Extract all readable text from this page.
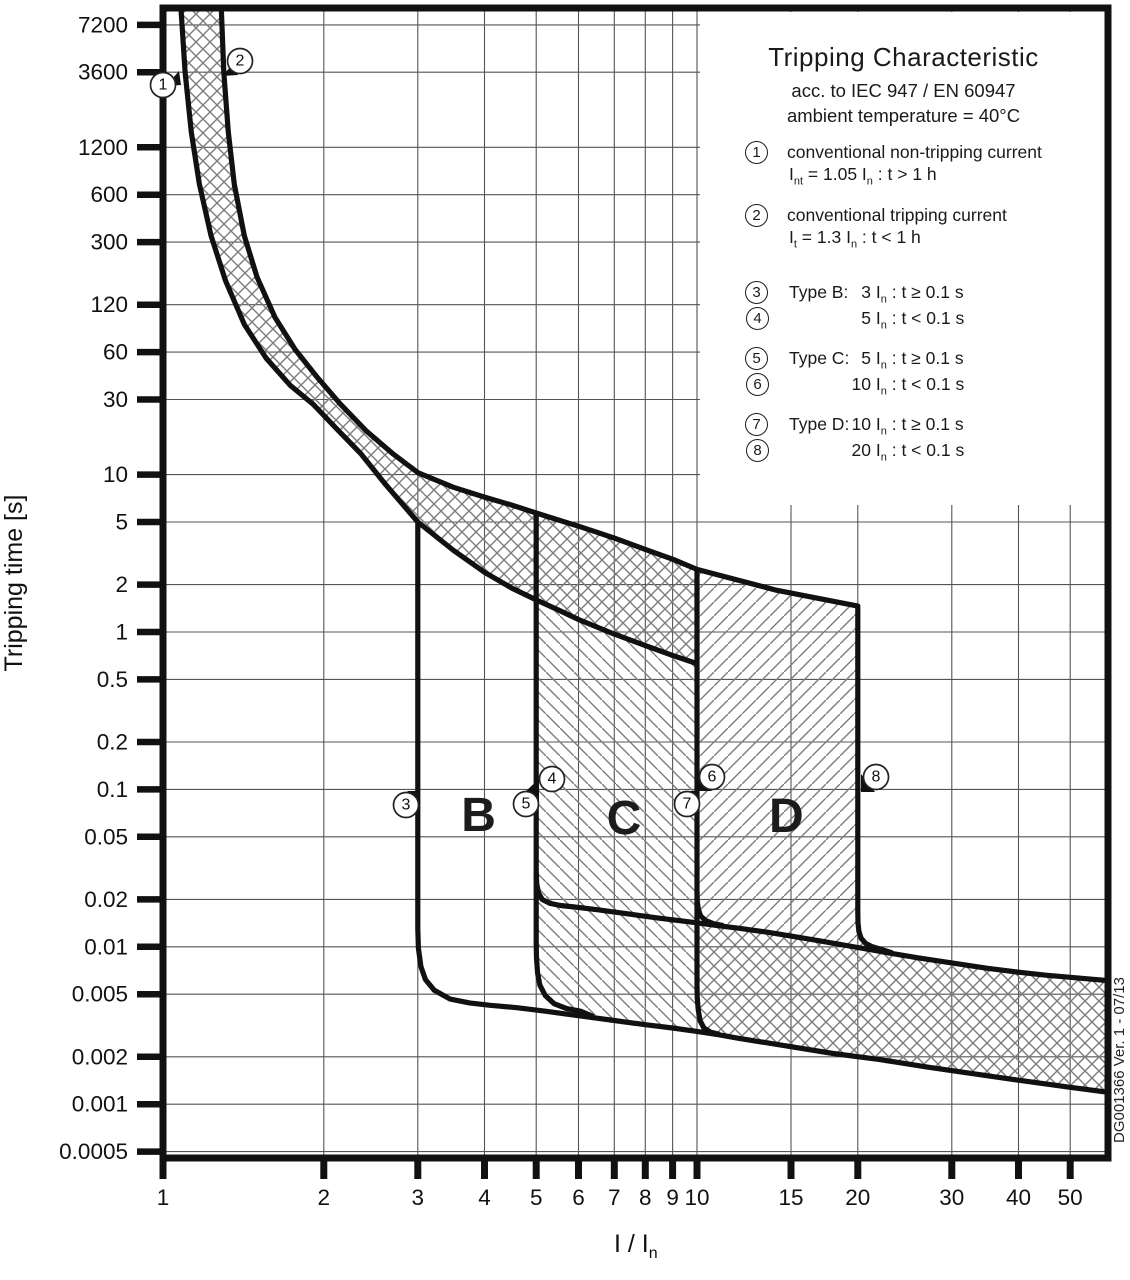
7200
3600
1200
600
300
120
60
30
10
5
2
1
0.5
0.2
0.1
0.05
0.02
0.01
0.005
0.002
0.001
0.0005
1	2	3 4 5 6 7 8 9 10	15 20	30 40 50
Tripping time [s]
I / $I_n$
DG001366 Ver. 1 - 07/13
B C	D
1
2
3
4
5
6
7
8
Tripping Characteristic
acc. to IEC 947 / EN 60947
ambient temperature = 40°C
1	conventional non-tripping current
$I_{nt} = 1.05$ $I_n$ : t > 1 h
2	conventional tripping current
$I_t = 1.3$ $I_n$ : t < 1 h
3
4
Type B: 3 $I_n$ : t ≥ 0.1 s
5 $I_n$ : t < 0.1 s
5
6
Type C: 5 $I_n$ : t ≥ 0.1 s
10 $I_n$ : t < 0.1 s
7
8
Type D: 10 $I_n$ : t ≥ 0.1 s
20 $I_n$ : t < 0.1 s
